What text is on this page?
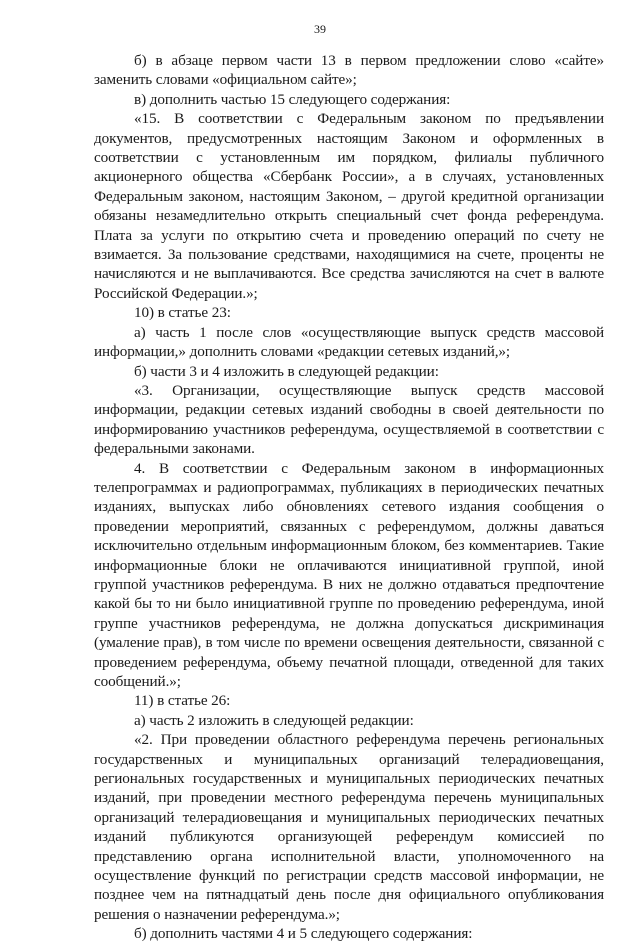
39

б) в абзаце первом части 13 в первом предложении слово «сайте» заменить словами «официальном сайте»;

в) дополнить частью 15 следующего содержания:

«15. В соответствии с Федеральным законом по предъявлении документов, предусмотренных настоящим Законом и оформленных в соответствии с установленным им порядком, филиалы публичного акционерного общества «Сбербанк России», а в случаях, установленных Федеральным законом, настоящим Законом, – другой кредитной организации обязаны незамедлительно открыть специальный счет фонда референдума. Плата за услуги по открытию счета и проведению операций по счету не взимается. За пользование средствами, находящимися на счете, проценты не начисляются и не выплачиваются. Все средства зачисляются на счет в валюте Российской Федерации.»;

10) в статье 23:

а) часть 1 после слов «осуществляющие выпуск средств массовой информации,» дополнить словами «редакции сетевых изданий,»;

б) части 3 и 4 изложить в следующей редакции:

«3. Организации, осуществляющие выпуск средств массовой информации, редакции сетевых изданий свободны в своей деятельности по информированию участников референдума, осуществляемой в соответствии с федеральными законами.

4. В соответствии с Федеральным законом в информационных телепрограммах и радиопрограммах, публикациях в периодических печатных изданиях, выпусках либо обновлениях сетевого издания сообщения о проведении мероприятий, связанных с референдумом, должны даваться исключительно отдельным информационным блоком, без комментариев. Такие информационные блоки не оплачиваются инициативной группой, иной группой участников референдума. В них не должно отдаваться предпочтение какой бы то ни было инициативной группе по проведению референдума, иной группе участников референдума, не должна допускаться дискриминация (умаление прав), в том числе по времени освещения деятельности, связанной с проведением референдума, объему печатной площади, отведенной для таких сообщений.»;

11) в статье 26:

а) часть 2 изложить в следующей редакции:

«2. При проведении областного референдума перечень региональных государственных и муниципальных организаций телерадиовещания, региональных государственных и муниципальных периодических печатных изданий, при проведении местного референдума перечень муниципальных организаций телерадиовещания и муниципальных периодических печатных изданий публикуются организующей референдум комиссией по представлению органа исполнительной власти, уполномоченного на осуществление функций по регистрации средств массовой информации, не позднее чем на пятнадцатый день после дня официального опубликования решения о назначении референдума.»;

б) дополнить частями 4 и 5 следующего содержания:
